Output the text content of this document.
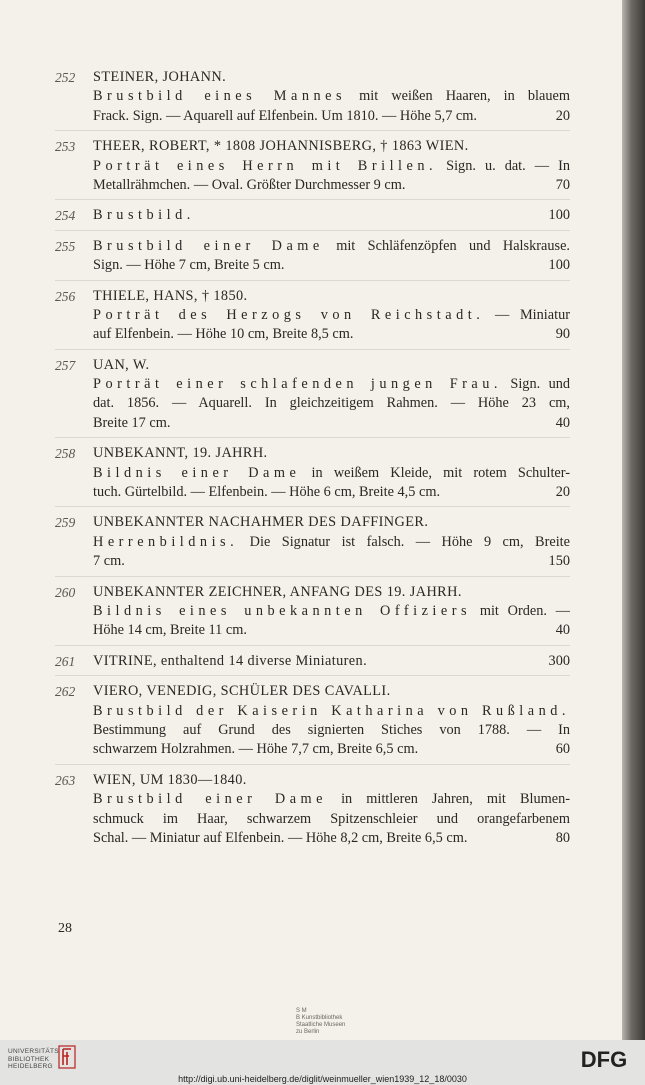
252 STEINER, JOHANN.
Brustbild eines Mannes mit weißen Haaren, in blauem
Frack. Sign. — Aquarell auf Elfenbein. Um 1810. — Höhe 5,7 cm.	20
253 THEER, ROBERT, * 1808 JOHANNISBERG, † 1863 WIEN.
Porträt eines Herrn mit Brillen. Sign. u. dat. — In
Metallrähmchen. — Oval. Größter Durchmesser 9 cm.	70
254 Brustbild.	100
255 Brustbild einer Dame mit Schläfenzöpfen und Halskrause.
Sign. — Höhe 7 cm, Breite 5 cm.	100
256 THIELE, HANS, † 1850.
Porträt des Herzogs von Reichstadt. — Miniatur
auf Elfenbein. — Höhe 10 cm, Breite 8,5 cm.	90
257 UAN, W.
Porträt einer schlafenden jungen Frau. Sign. und
dat. 1856. — Aquarell. In gleichzeitigem Rahmen. — Höhe 23 cm,
Breite 17 cm.	40
258 UNBEKANNT, 19. JAHRH.
Bildnis einer Dame in weißem Kleide, mit rotem Schulter-
tuch. Gürtelbild. — Elfenbein. — Höhe 6 cm, Breite 4,5 cm.	20
259 UNBEKANNTER NACHAHMER DES DAFFINGER.
Herrenbildnis. Die Signatur ist falsch. — Höhe 9 cm, Breite
7 cm.	150
260 UNBEKANNTER ZEICHNER, ANFANG DES 19. JAHRH.
Bildnis eines unbekannten Offiziers mit Orden. —
Höhe 14 cm, Breite 11 cm.	40
261 VITRINE, enthaltend 14 diverse Miniaturen.	300
262 VIERO, VENEDIG, SCHÜLER DES CAVALLI.
Brustbild der Kaiserin Katharina von Rußland.
Bestimmung auf Grund des signierten Stiches von 1788. — In
schwarzem Holzrahmen. — Höhe 7,7 cm, Breite 6,5 cm.	60
263 WIEN, UM 1830—1840.
Brustbild einer Dame in mittleren Jahren, mit Blumen-
schmuck im Haar, schwarzem Spitzenschleier und orangefarbenem
Schal. — Miniatur auf Elfenbein. — Höhe 8,2 cm, Breite 6,5 cm.	80
28
S M
B Kunstbibliothek
Staatliche Museen
zu Berlin
UNIVERSITÄTS
BIBLIOTHEK
HEIDELBERG	DFG
http://digi.ub.uni-heidelberg.de/diglit/weinmueller_wien1939_12_18/0030
